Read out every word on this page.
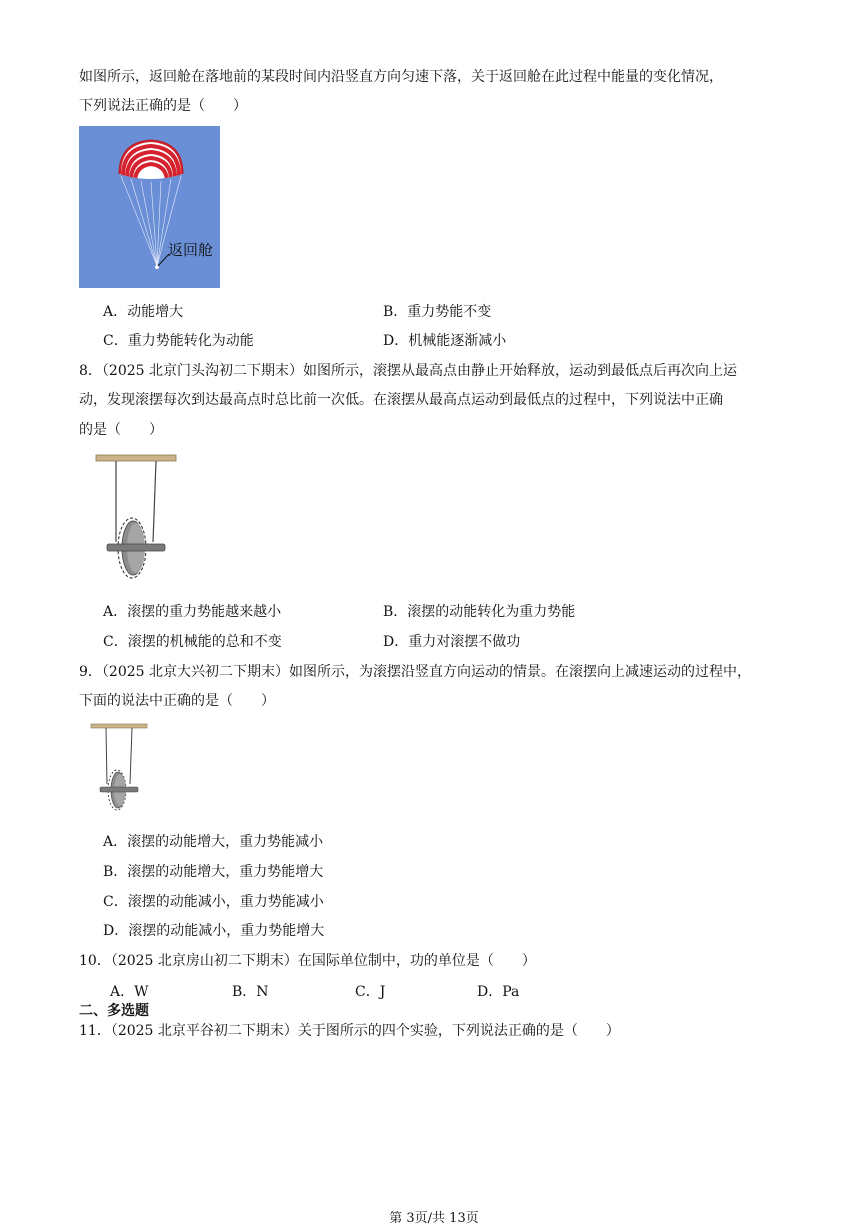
如图所示，返回舱在落地前的某段时间内沿竖直方向匀速下落，关于返回舱在此过程中能量的变化情况，
下列说法正确的是（　　）
返回舱
A．动能增大	B．重力势能不变
C．重力势能转化为动能	D．机械能逐渐减小
8．（2025 北京门头沟初二下期末）如图所示，滚摆从最高点由静止开始释放，运动到最低点后再次向上运
动，发现滚摆每次到达最高点时总比前一次低。在滚摆从最高点运动到最低点的过程中，下列说法中正确
的是（　　）
A．滚摆的重力势能越来越小	B．滚摆的动能转化为重力势能
C．滚摆的机械能的总和不变	D．重力对滚摆不做功
9．（2025 北京大兴初二下期末）如图所示，为滚摆沿竖直方向运动的情景。在滚摆向上减速运动的过程中，
下面的说法中正确的是（　　）
A．滚摆的动能增大，重力势能减小
B．滚摆的动能增大，重力势能增大
C．滚摆的动能减小，重力势能减小
D．滚摆的动能减小，重力势能增大
10．（2025 北京房山初二下期末）在国际单位制中，功的单位是（　　）
A．W	B．N	C．J	D．Pa
二、多选题
11．（2025 北京平谷初二下期末）关于图所示的四个实验，下列说法正确的是（　　）
第 3页/共 13页
